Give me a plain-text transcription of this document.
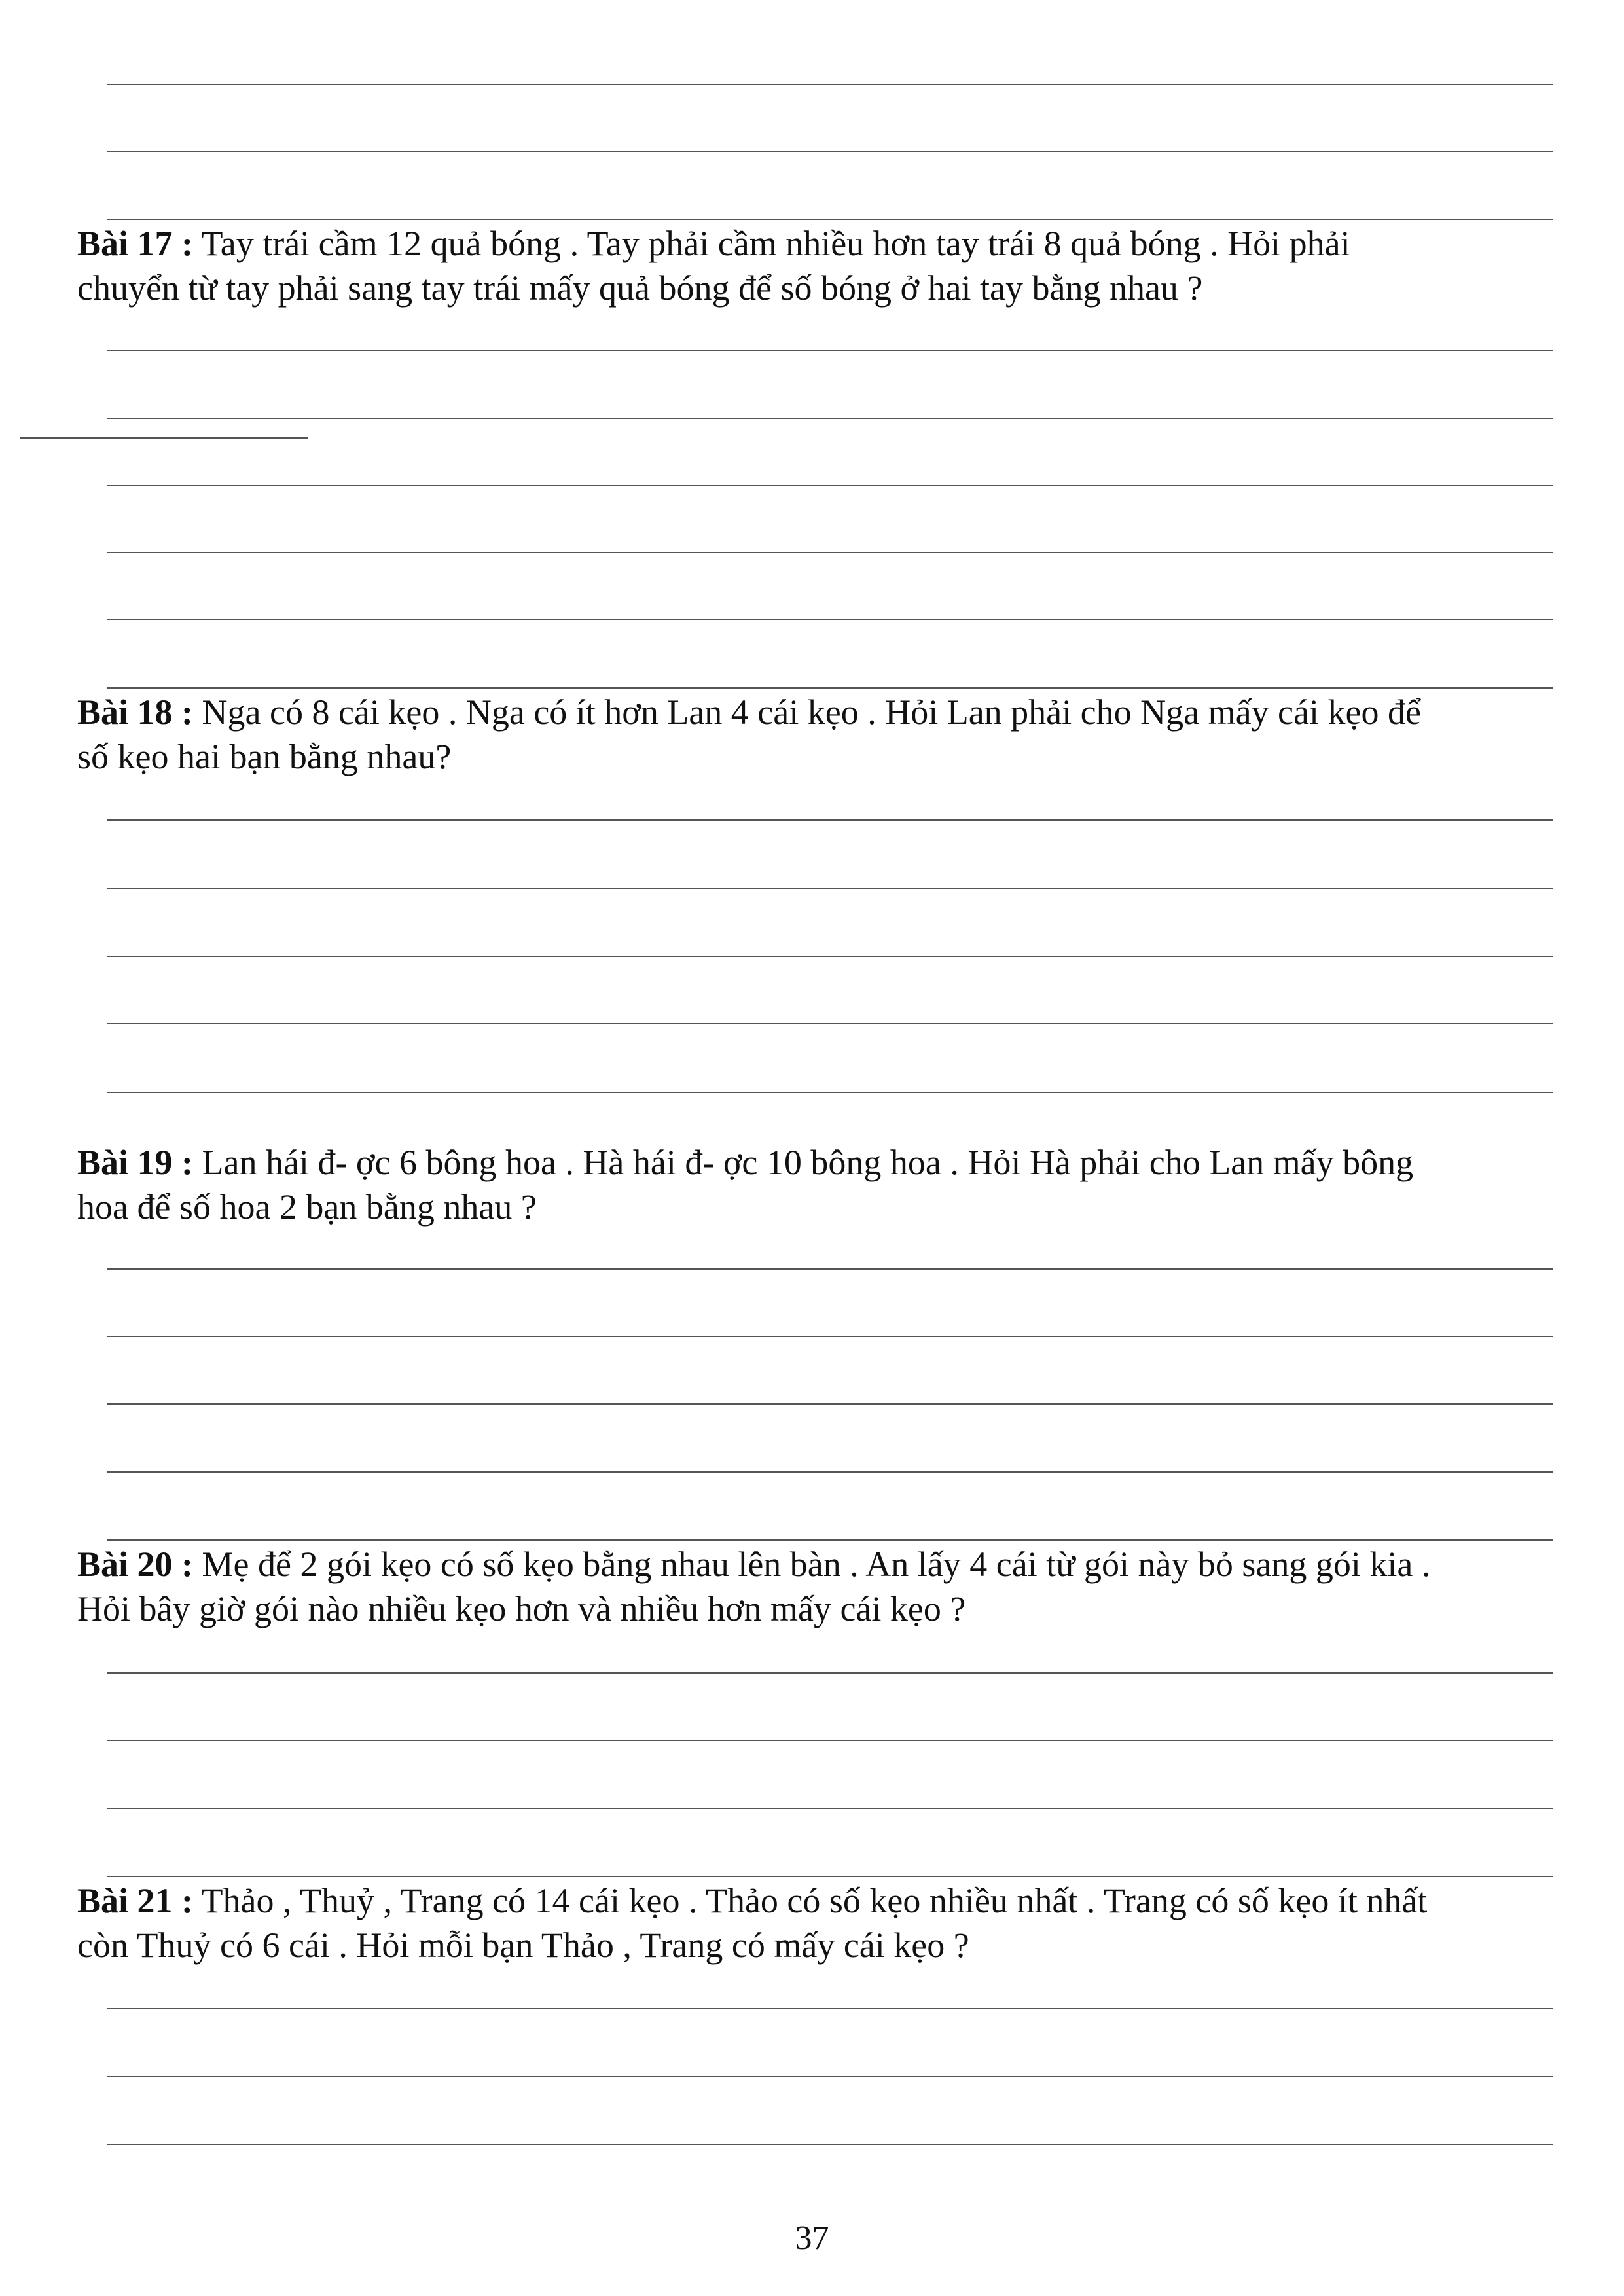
Bài 17 : Tay trái cầm 12 quả bóng . Tay phải cầm nhiều hơn tay trái 8 quả bóng . Hỏi phải
chuyển từ tay phải sang tay trái mấy quả bóng để số bóng ở hai tay bằng nhau ?

Bài 18 : Nga có 8 cái kẹo . Nga có ít hơn Lan 4 cái kẹo . Hỏi Lan phải cho Nga mấy cái kẹo để
số kẹo hai bạn bằng nhau?

Bài 19 : Lan hái đ- ợc 6 bông hoa . Hà hái đ- ợc 10 bông hoa . Hỏi Hà phải cho Lan mấy bông
hoa để số hoa 2 bạn bằng nhau ?

Bài 20 : Mẹ để 2 gói kẹo có số kẹo bằng nhau lên bàn . An lấy 4 cái từ gói này bỏ sang gói kia .
Hỏi bây giờ gói nào nhiều kẹo hơn và nhiều hơn mấy cái kẹo ?

Bài 21 : Thảo , Thuỷ , Trang có 14 cái kẹo . Thảo có số kẹo nhiều nhất . Trang có số kẹo ít nhất
còn Thuỷ có 6 cái . Hỏi mỗi bạn Thảo , Trang có mấy cái kẹo ?

37
